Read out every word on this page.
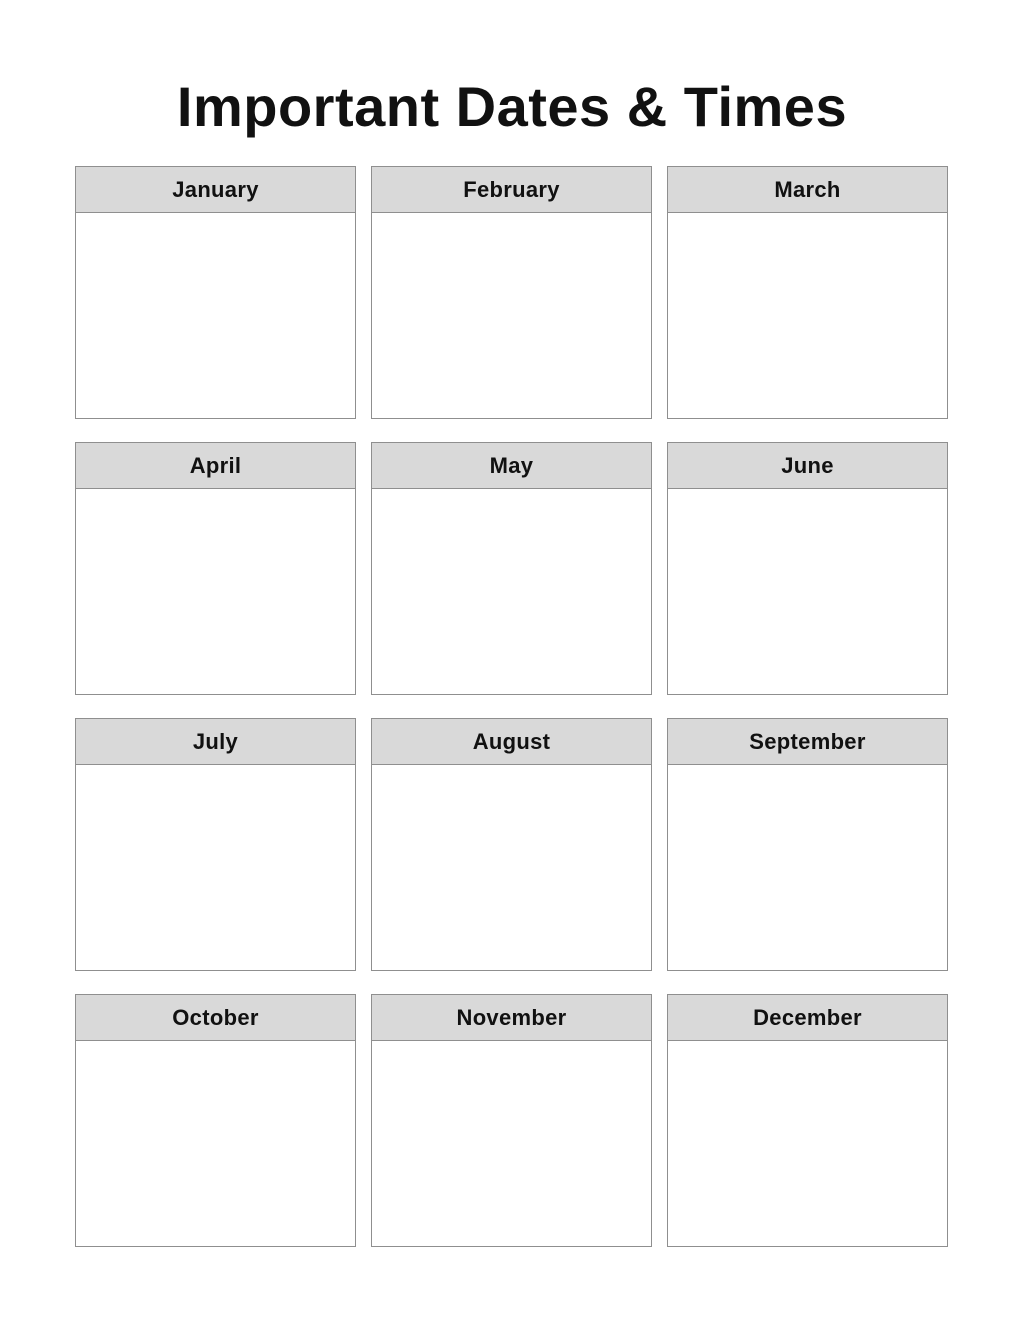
Important Dates & Times
January	February	March
April	May	June
July	August	September
October	November	December
